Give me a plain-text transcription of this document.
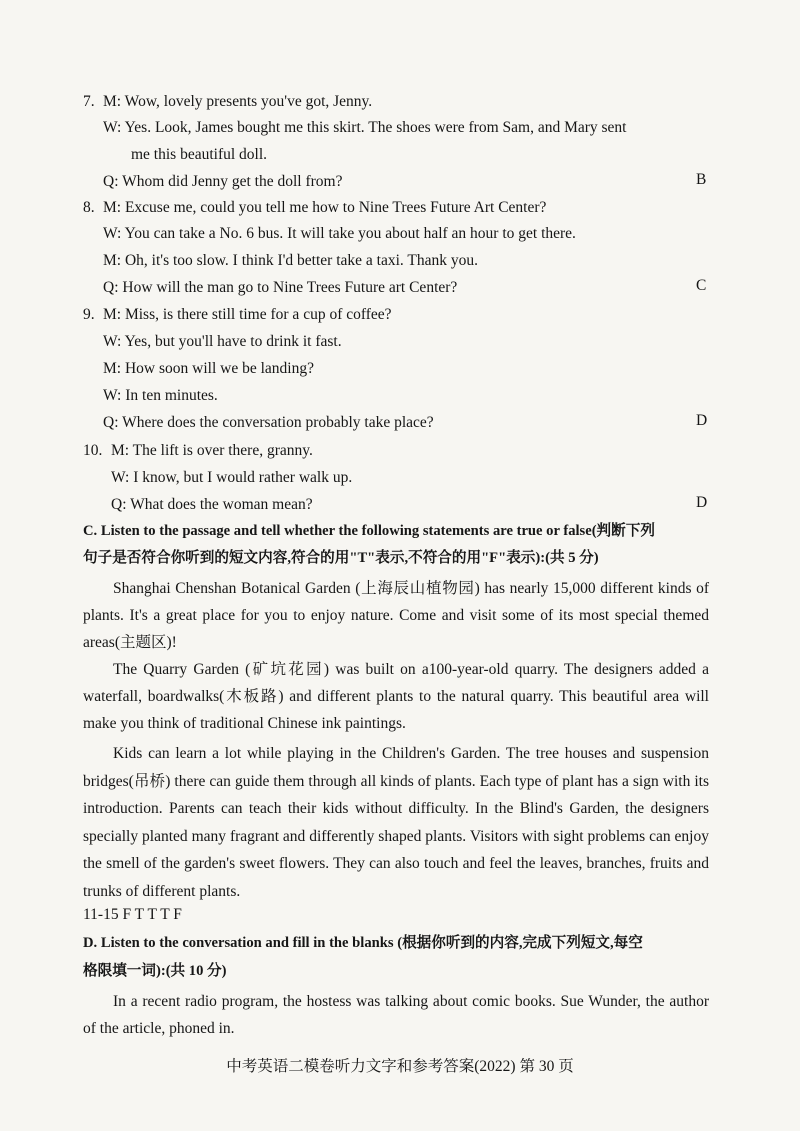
7. M: Wow, lovely presents you've got, Jenny.
W: Yes. Look, James bought me this skirt. The shoes were from Sam, and Mary sent
me this beautiful doll.
Q: Whom did Jenny get the doll from?	B
8. M: Excuse me, could you tell me how to Nine Trees Future Art Center?
W: You can take a No. 6 bus. It will take you about half an hour to get there.
M: Oh, it's too slow. I think I'd better take a taxi. Thank you.
Q: How will the man go to Nine Trees Future art Center?	C
9. M: Miss, is there still time for a cup of coffee?
W: Yes, but you'll have to drink it fast.
M: How soon will we be landing?
W: In ten minutes.
Q: Where does the conversation probably take place?	D
10. M: The lift is over there, granny.
W: I know, but I would rather walk up.
Q: What does the woman mean?	D
C. Listen to the passage and tell whether the following statements are true or false(判断下列
句子是否符合你听到的短文内容,符合的用"T"表示,不符合的用"F"表示):(共 5 分)
Shanghai Chenshan Botanical Garden (上海辰山植物园) has nearly 15,000 different kinds of plants. It's a great place for you to enjoy nature. Come and visit some of its most special themed areas(主题区)!
The Quarry Garden (矿坑花园) was built on a100-year-old quarry. The designers added a waterfall, boardwalks(木板路) and different plants to the natural quarry. This beautiful area will make you think of traditional Chinese ink paintings.
Kids can learn a lot while playing in the Children's Garden. The tree houses and suspension bridges(吊桥) there can guide them through all kinds of plants. Each type of plant has a sign with its introduction. Parents can teach their kids without difficulty. In the Blind's Garden, the designers specially planted many fragrant and differently shaped plants. Visitors with sight problems can enjoy the smell of the garden's sweet flowers. They can also touch and feel the leaves, branches, fruits and trunks of different plants.
11-15 F T T T F
D. Listen to the conversation and fill in the blanks (根据你听到的内容,完成下列短文,每空
格限填一词):(共 10 分)
In a recent radio program, the hostess was talking about comic books. Sue Wunder, the author of the article, phoned in.
中考英语二模卷听力文字和参考答案(2022) 第 30 页
